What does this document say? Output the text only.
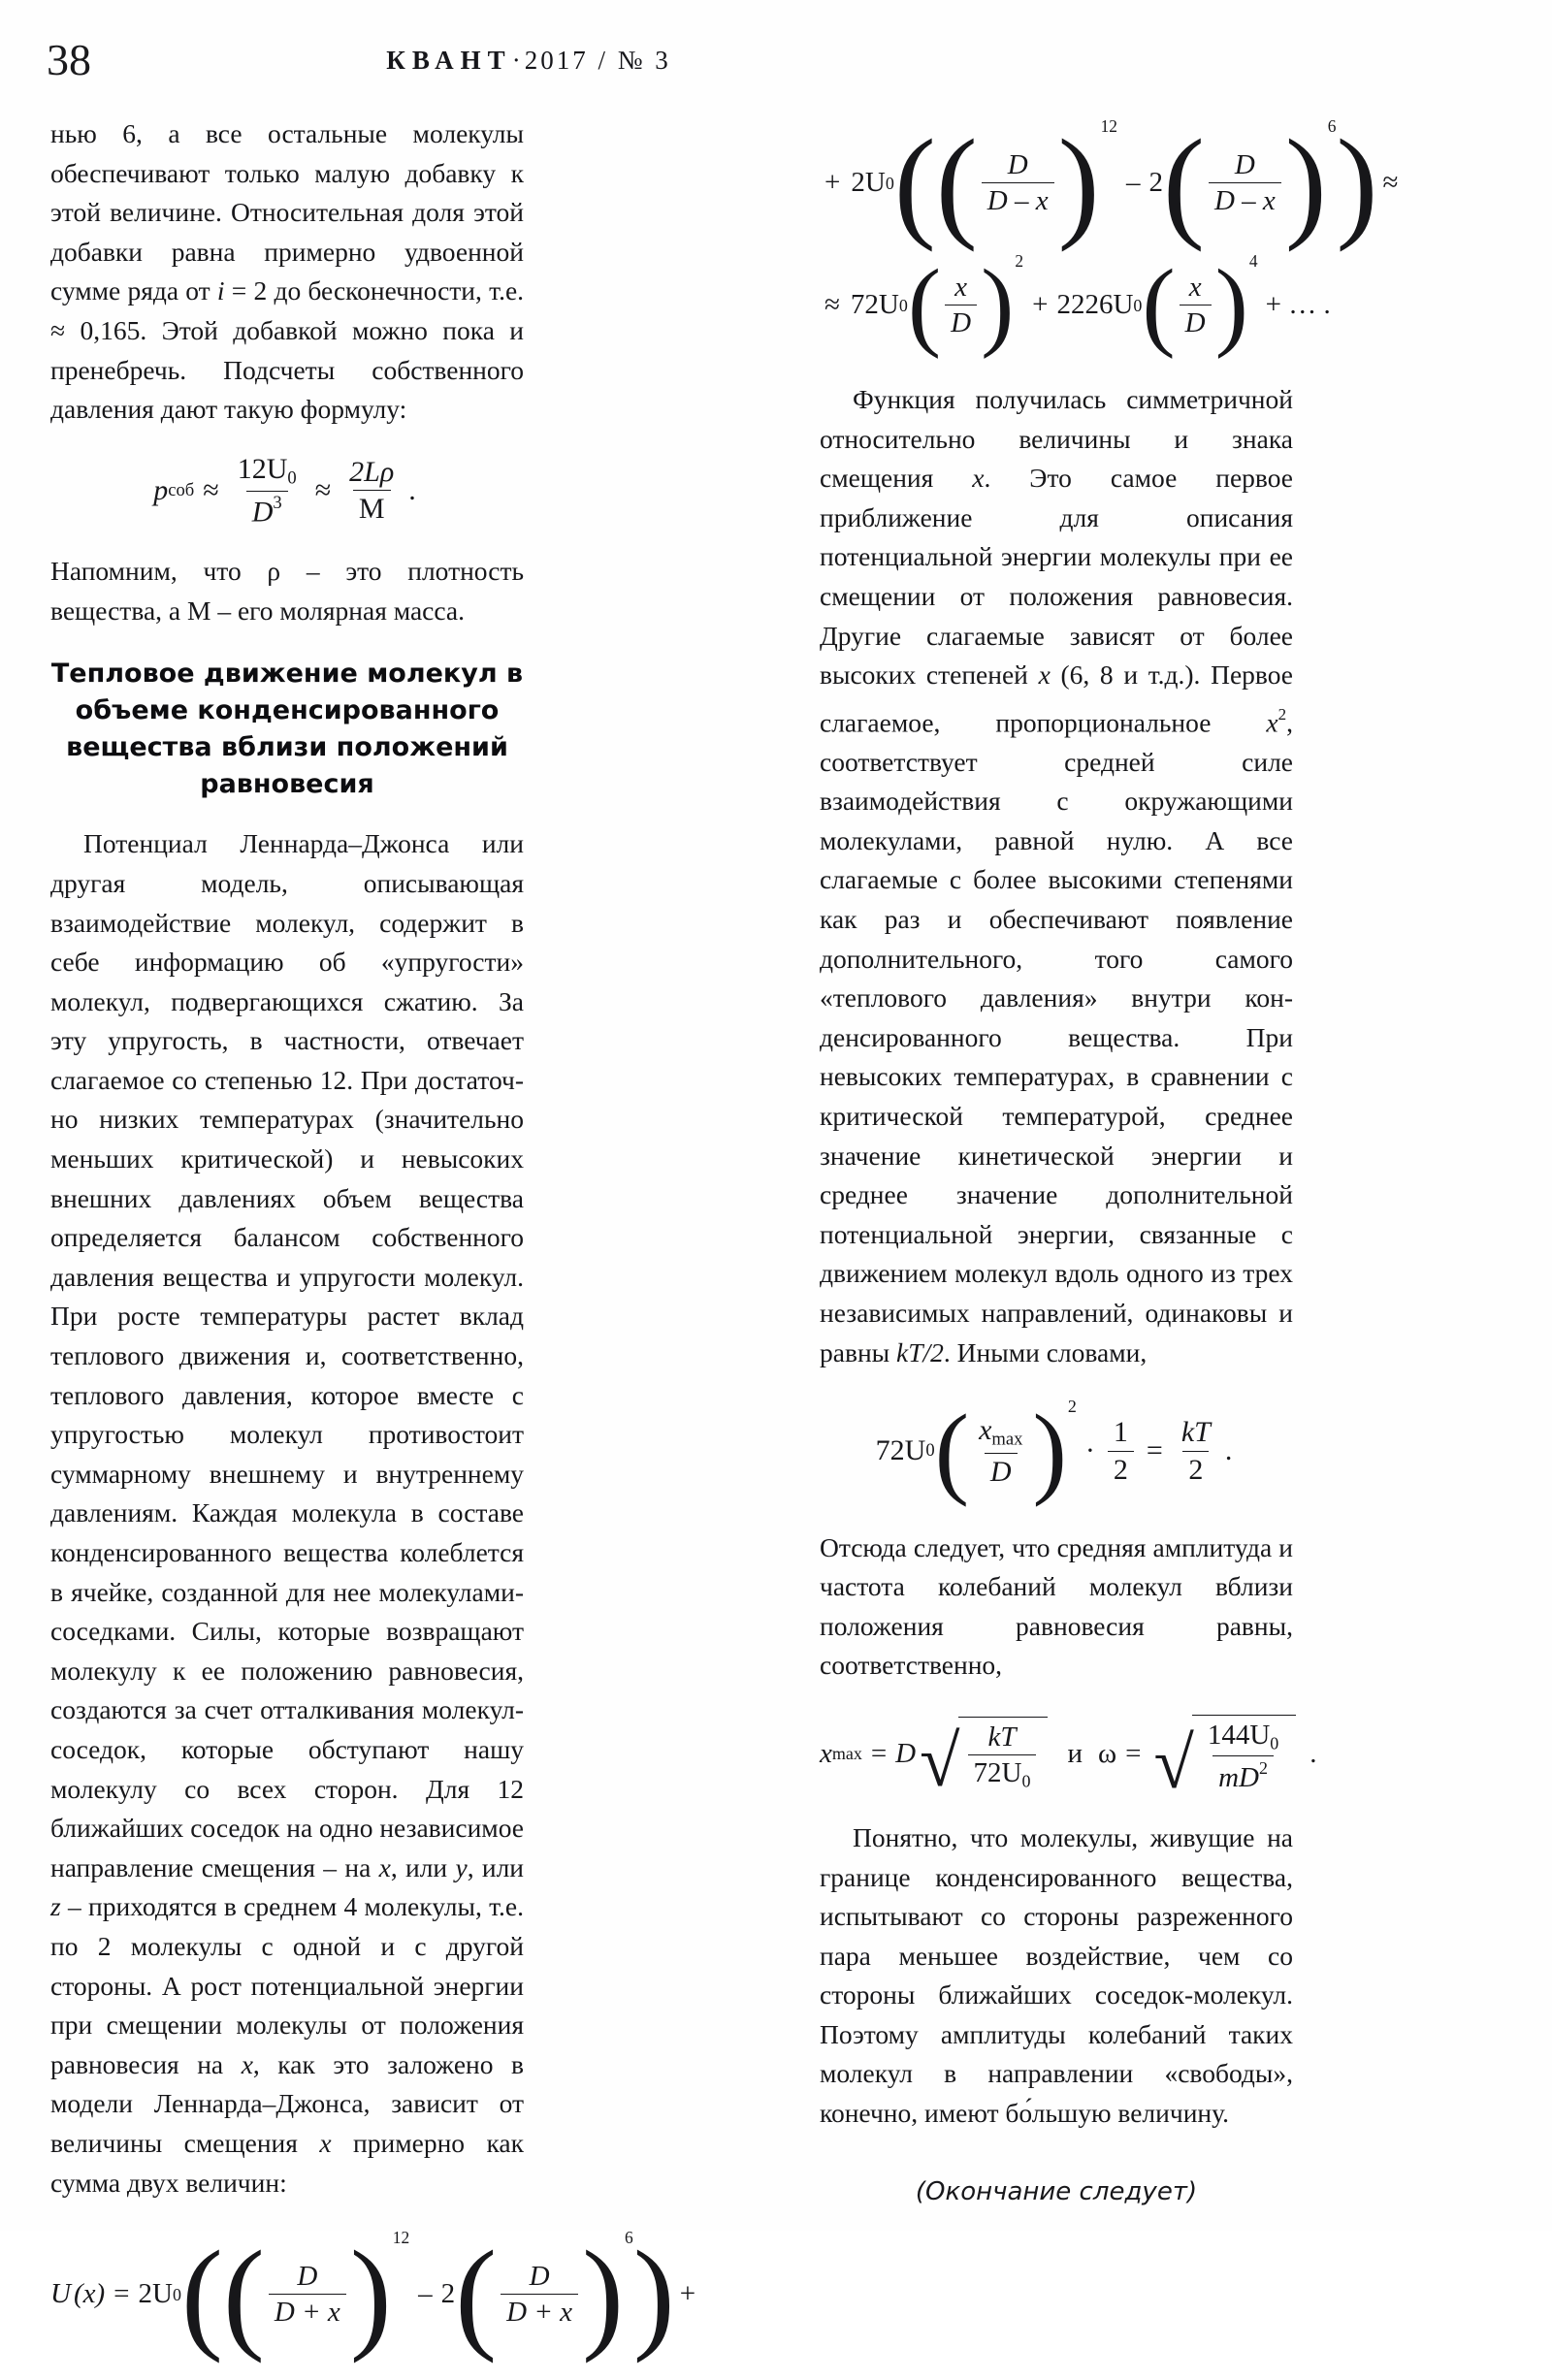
38	КВАНТ·2017 / № 3

нью 6, а все остальные молекулы обеспечивают только малую добавку к этой величине. Относительная доля этой добавки равна примерно удвоенной сумме ряда от i = 2 до бесконечности, т.е. ≈ 0,165. Этой добавкой можно пока и пренебречь. Подсчеты собственного давления дают такую формулу:

p соб ≈ $\frac{12U_0}{D^3} \approx \frac{2L\rho}{M}$ .

Напомним, что ρ – это плотность вещества, а M – его молярная масса.

Тепловое движение молекул в объеме конденсированного вещества вблизи положений равновесия

Потенциал Леннарда–Джонса или другая модель, описывающая взаимодействие молекул, содержит в себе информацию об «упругости» молекул, подвергающихся сжатию. За эту упругость, в частности, отвечает слагаемое со степенью 12. При достаточно низких температурах (значительно меньших критической) и невысоких внешних давлениях объем вещества определяется балансом собственного давления вещества и упругости молекул. При росте температуры растет вклад теплового движения и, соответственно, теплового давления, которое вместе с упругостью молекул противостоит суммарному внешнему и внутреннему давлениям. Каждая молекула в составе конденсированного вещества колеблется в ячейке, созданной для нее молекулами-соседками. Силы, которые возвращают молекулу к ее положению равновесия, создаются за счет отталкивания молекул-соседок, которые обступают нашу молекулу со всех сторон. Для 12 ближайших соседок на одно независимое направление смещения – на x, или y, или z – приходятся в среднем 4 молекулы, т.е. по 2 молекулы с одной и с другой стороны. А рост потенциальной энергии при смещении молекулы от положения равновесия на x, как это заложено в модели Леннарда–Джонса, зависит от величины смещения x примерно как сумма двух величин:

U (x) = 2U 0 ( ( $\frac{D}{D + x}$ ) 12
– 2 ( $\frac{D}{D + x}$ ) 6 ) +
+ 2U 0 ( ( $\frac{D}{D - x}$ ) 12
– 2 ( $\frac{D}{D - x}$ ) 6 ) ≈
≈ 72U 0 ( $\frac{x}{D}$ ) 2
+ 2226U 0 ( $\frac{x}{D}$ ) 4
+ … .

Функция получилась симметричной относительно величины и знака смещения x. Это самое первое приближение для описания потенциальной энергии молекулы при ее смещении от положения равновесия. Другие слагаемые зависят от более высоких степеней x (6, 8 и т.д.). Первое слагаемое, пропорциональное $x^2$, соответствует средней силе взаимодействия с окружающими молекулами, равной нулю. А все слагаемые с более высокими степенями как раз и обеспечивают появление дополнительного, того самого «теплового давления» внутри конденсированного вещества. При невысоких температурах, в сравнении с критической температурой, среднее значение кинетической энергии и среднее значение дополнительной потенциальной энергии, связанные с движением молекул вдоль одного из трех независимых направлений, одинаковы и равны kT/2. Иными словами,

72U 0 ( $\frac{x_{max}}{D}$ ) 2
· $\frac{1}{2} = \frac{kT}{2}$ .

Отсюда следует, что средняя амплитуда и частота колебаний молекул вблизи положения равновесия равны, соответственно,

x max = D √ $\frac{kT}{72U_0}$ и ω = √ $\frac{144U_0}{mD^2}$ .

Понятно, что молекулы, живущие на границе конденсированного вещества, испытывают со стороны разреженного пара меньшее воздействие, чем со стороны ближайших соседок-молекул. Поэтому амплитуды колебаний таких молекул в направлении «свободы», конечно, имеют бо́льшую величину.

(Окончание следует)
